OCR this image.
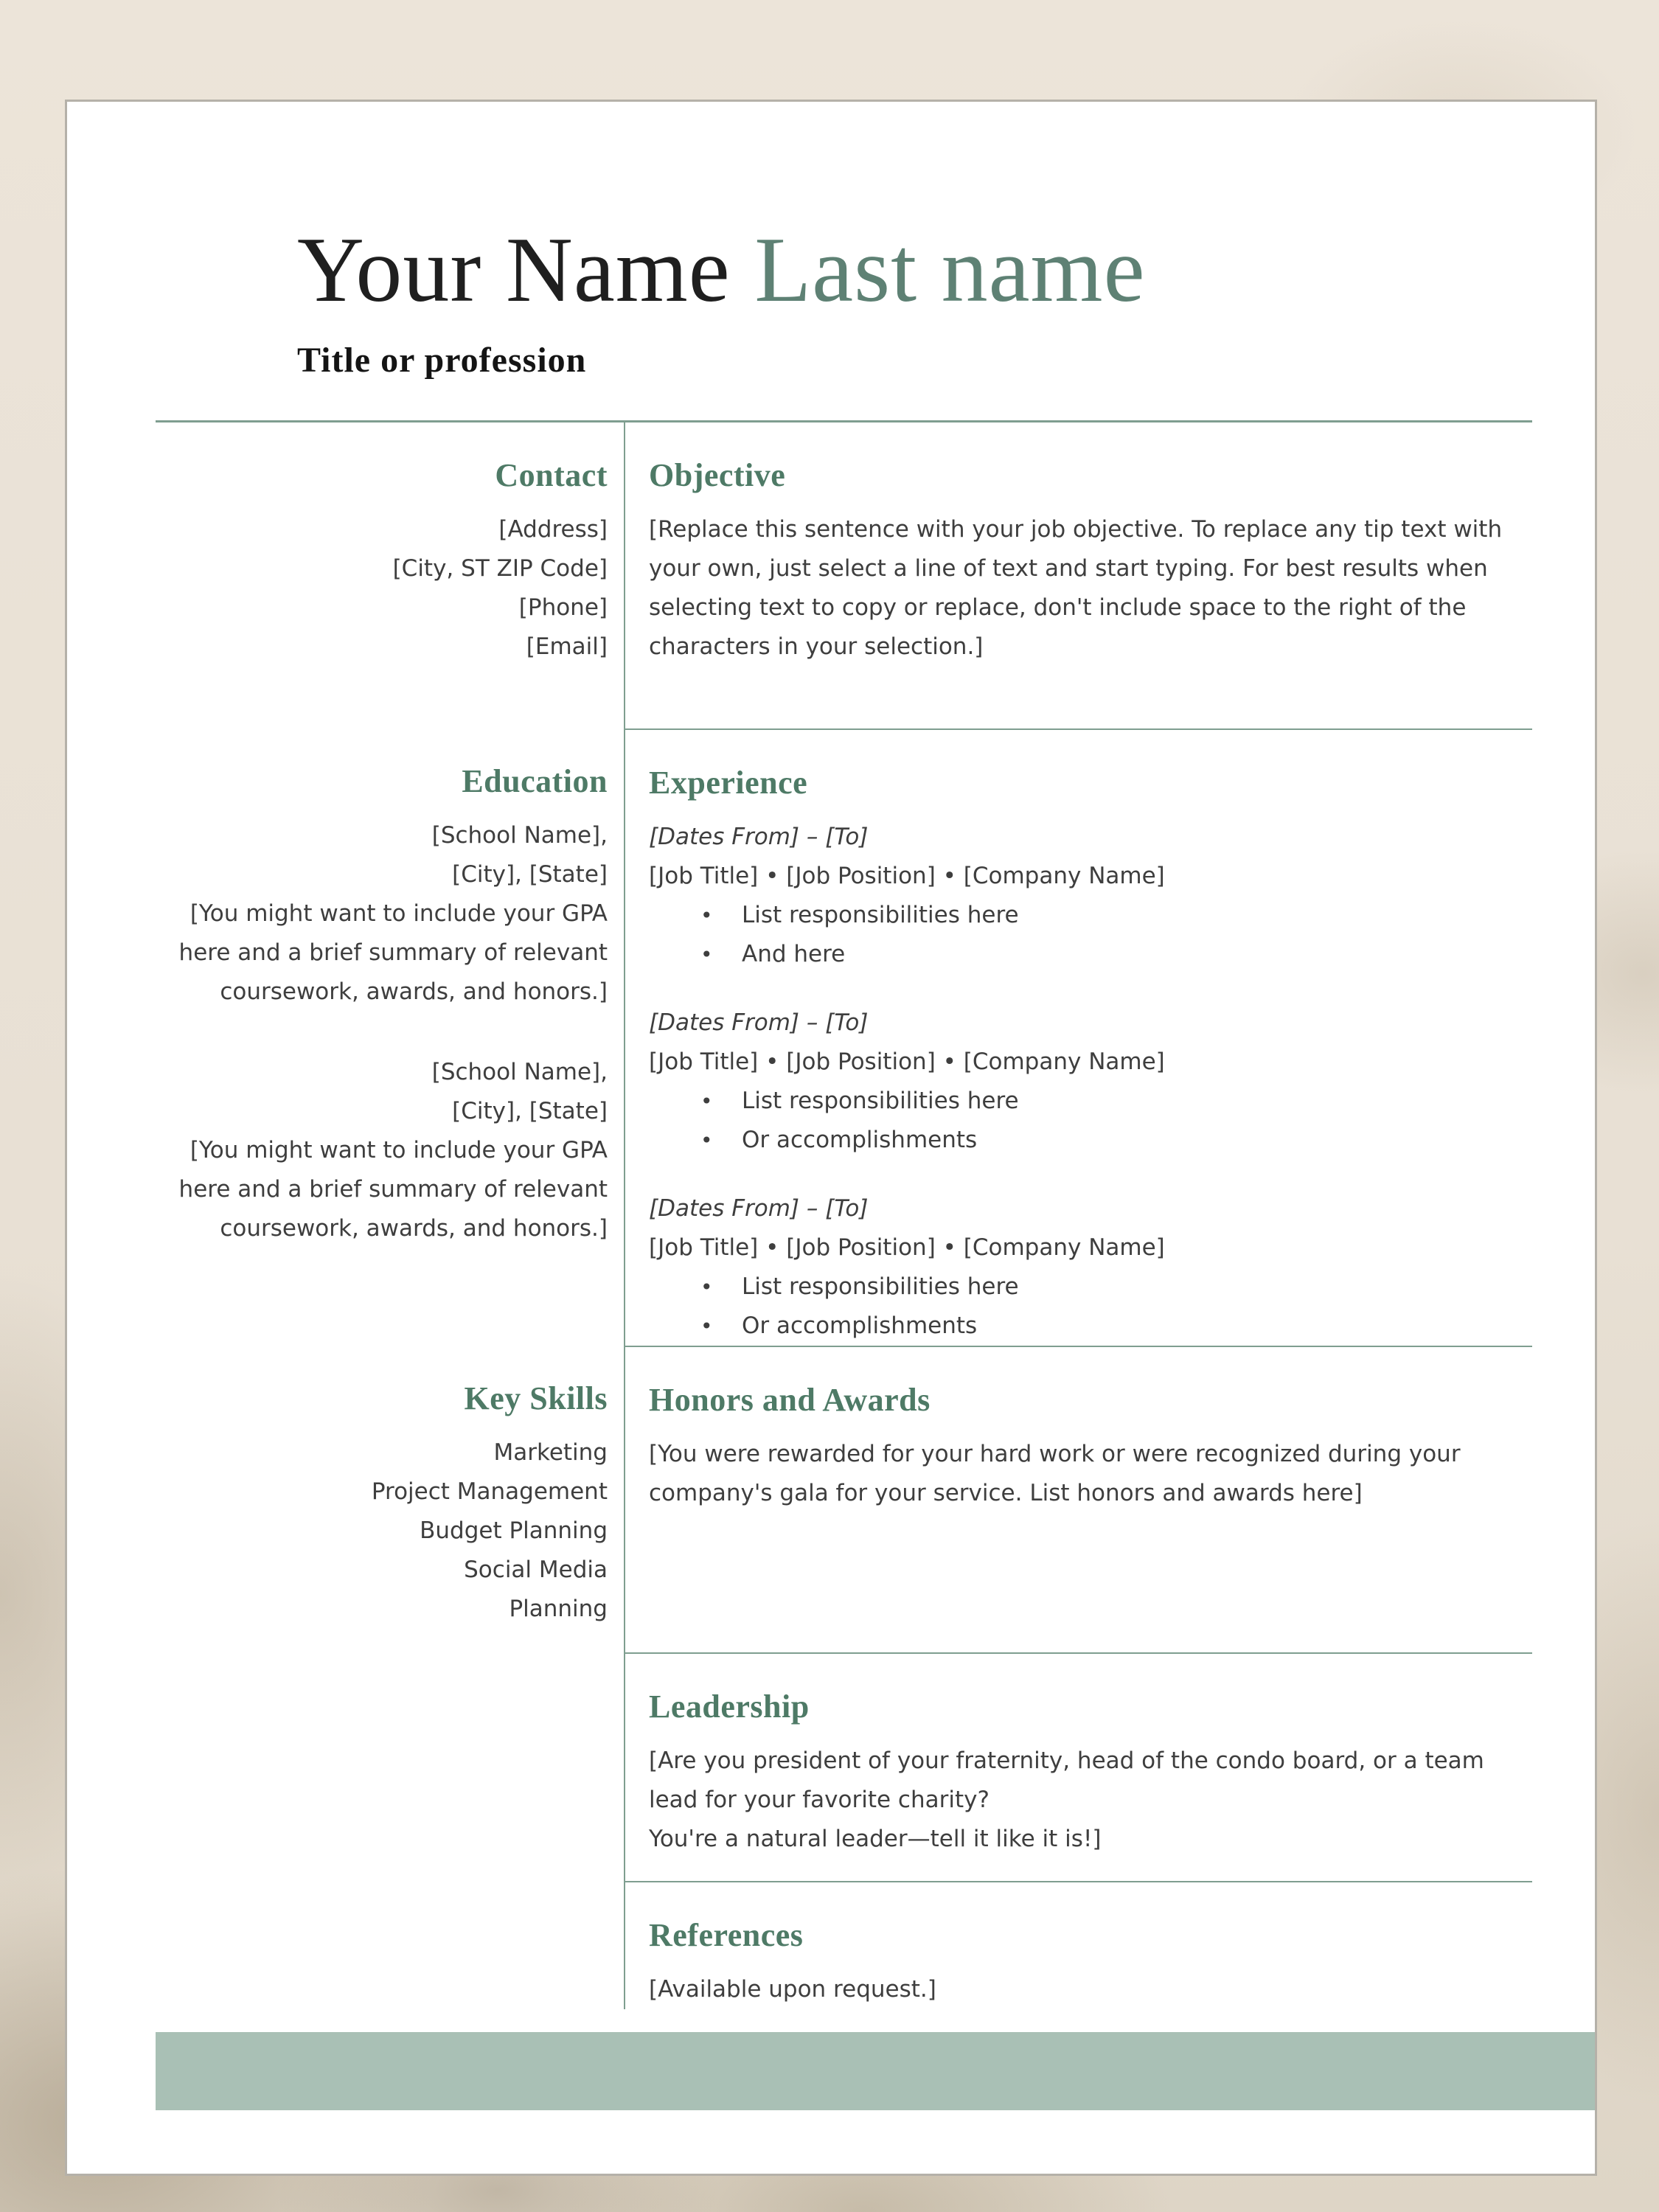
Your Name Last name
Title or profession
Contact
[Address]
[City, ST ZIP Code]
[Phone]
[Email]
Objective
[Replace this sentence with your job objective. To replace any tip text with your own, just select a line of text and start typing. For best results when selecting text to copy or replace, don't include space to the right of the characters in your selection.]
Education
[School Name],
[City], [State]
[You might want to include your GPA here and a brief summary of relevant coursework, awards, and honors.]
[School Name],
[City], [State]
[You might want to include your GPA here and a brief summary of relevant coursework, awards, and honors.]
Experience
[Dates From] – [To]
[Job Title] • [Job Position] • [Company Name]
•	List responsibilities here
•	And here
[Dates From] – [To]
[Job Title] • [Job Position] • [Company Name]
•	List responsibilities here
•	Or accomplishments
[Dates From] – [To]
[Job Title] • [Job Position] • [Company Name]
•	List responsibilities here
•	Or accomplishments
Key Skills
Marketing
Project Management
Budget Planning
Social Media Planning
Honors and Awards
[You were rewarded for your hard work or were recognized during your company's gala for your service. List honors and awards here]
Leadership
[Are you president of your fraternity, head of the condo board, or a team lead for your favorite charity?
You're a natural leader—tell it like it is!]
References
[Available upon request.]
